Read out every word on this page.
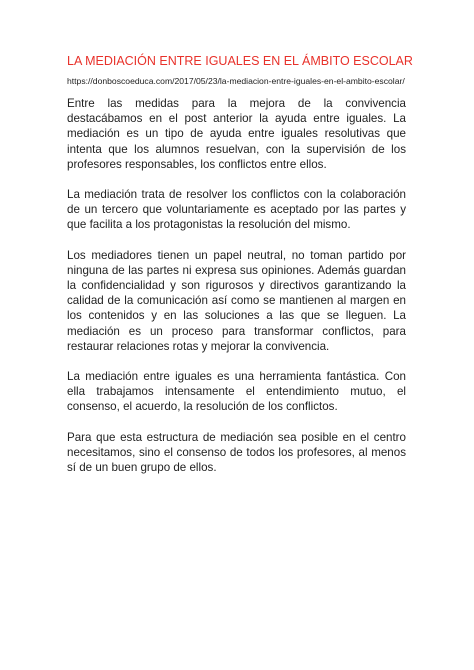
LA MEDIACIÓN ENTRE IGUALES EN EL ÁMBITO ESCOLAR
https://donboscoeduca.com/2017/05/23/la-mediacion-entre-iguales-en-el-ambito-escolar/

Entre las medidas para la mejora de la convivencia destacábamos en el post anterior la ayuda entre iguales. La mediación es un tipo de ayuda entre iguales resolutivas que intenta que los alumnos resuelvan, con la supervisión de los profesores responsables, los conflictos entre ellos.

La mediación trata de resolver los conflictos con la colaboración de un tercero que voluntariamente es aceptado por las partes y que facilita a los protagonistas la resolución del mismo.

Los mediadores tienen un papel neutral, no toman partido por ninguna de las partes ni expresa sus opiniones. Además guardan la confidencialidad y son rigurosos y directivos garantizando la calidad de la comunicación así como se mantienen al margen en los contenidos y en las soluciones a las que se lleguen. La mediación es un proceso para transformar conflictos, para restaurar relaciones rotas y mejorar la convivencia.

La mediación entre iguales es una herramienta fantástica. Con ella trabajamos intensamente el entendimiento mutuo, el consenso, el acuerdo, la resolución de los conflictos.

Para que esta estructura de mediación sea posible en el centro necesitamos, sino el consenso de todos los profesores, al menos sí de un buen grupo de ellos.
